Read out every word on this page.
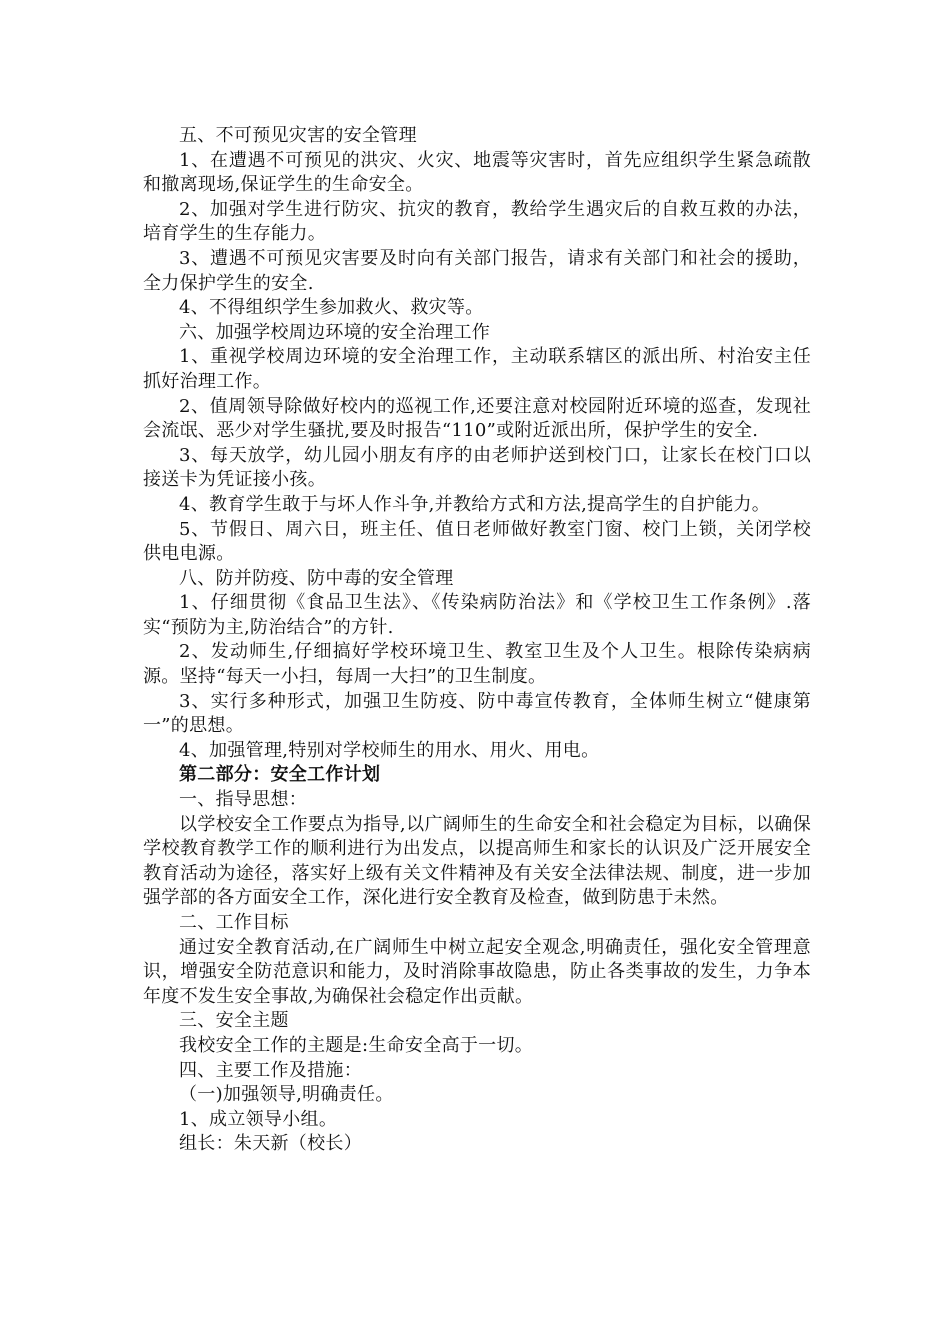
五、不可预见灾害的安全管理

1、在遭遇不可预见的洪灾、火灾、地震等灾害时，首先应组织学生紧急疏散和撤离现场,保证学生的生命安全。

2、加强对学生进行防灾、抗灾的教育，教给学生遇灾后的自救互救的办法，培育学生的生存能力。

3、遭遇不可预见灾害要及时向有关部门报告，请求有关部门和社会的援助，全力保护学生的安全.

4、不得组织学生参加救火、救灾等。

六、加强学校周边环境的安全治理工作

1、重视学校周边环境的安全治理工作，主动联系辖区的派出所、村治安主任抓好治理工作。

2、值周领导除做好校内的巡视工作,还要注意对校园附近环境的巡查，发现社会流氓、恶少对学生骚扰,要及时报告“110”或附近派出所，保护学生的安全.

3、每天放学，幼儿园小朋友有序的由老师护送到校门口，让家长在校门口以接送卡为凭证接小孩。

4、教育学生敢于与坏人作斗争,并教给方式和方法,提高学生的自护能力。

5、节假日、周六日，班主任、值日老师做好教室门窗、校门上锁，关闭学校供电电源。

八、防并防疫、防中毒的安全管理

1、仔细贯彻《食品卫生法》、《传染病防治法》和《学校卫生工作条例》.落实“预防为主,防治结合”的方针.

2、发动师生,仔细搞好学校环境卫生、教室卫生及个人卫生。根除传染病病源。坚持“每天一小扫，每周一大扫”的卫生制度。

3、实行多种形式，加强卫生防疫、防中毒宣传教育，全体师生树立“健康第一”的思想。

4、加强管理,特别对学校师生的用水、用火、用电。

第二部分：安全工作计划

一、指导思想：

以学校安全工作要点为指导,以广阔师生的生命安全和社会稳定为目标，以确保学校教育教学工作的顺利进行为出发点，以提高师生和家长的认识及广泛开展安全教育活动为途径，落实好上级有关文件精神及有关安全法律法规、制度，进一步加强学部的各方面安全工作，深化进行安全教育及检查，做到防患于未然。

二、工作目标

通过安全教育活动,在广阔师生中树立起安全观念,明确责任，强化安全管理意识，增强安全防范意识和能力，及时消除事故隐患，防止各类事故的发生，力争本年度不发生安全事故,为确保社会稳定作出贡献。

三、安全主题

我校安全工作的主题是:生命安全高于一切。

四、主要工作及措施：

（一)加强领导,明确责任。

1、成立领导小组。

组长：朱天新（校长）
